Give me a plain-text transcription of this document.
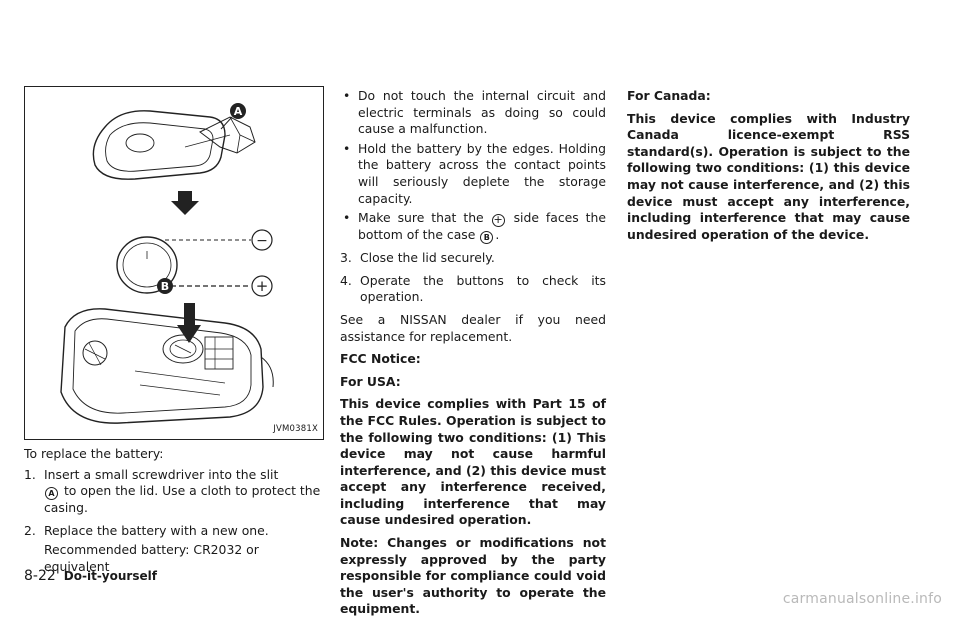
A
−
+
B
JVM0381X

To replace the battery:

1. Insert a small screwdriver into the slit
A to open the lid. Use a cloth to protect the casing.
2. Replace the battery with a new one.
Recommended battery: CR2032 or equivalent
• Do not touch the internal circuit and electric terminals as doing so could cause a malfunction.
• Hold the battery by the edges. Holding the battery across the contact points will seriously deplete the storage capacity.
• Make sure that the + side faces the bottom of the case B .
3. Close the lid securely.
4. Operate the buttons to check its operation.

See a NISSAN dealer if you need assistance for replacement.

FCC Notice:

For USA:

This device complies with Part 15 of the FCC Rules. Operation is subject to the following two conditions: (1) This device may not cause harmful interference, and (2) this device must accept any interference received, including interference that may cause undesired operation.

Note: Changes or modifications not expressly approved by the party responsible for compliance could void the user's authority to operate the equipment.

For Canada:

This device complies with Industry Canada licence-exempt RSS standard(s). Operation is subject to the following two conditions: (1) this device may not cause interference, and (2) this device must accept any interference, including interference that may cause undesired operation of the device.

8-22 Do-it-yourself
carmanualsonline.info
